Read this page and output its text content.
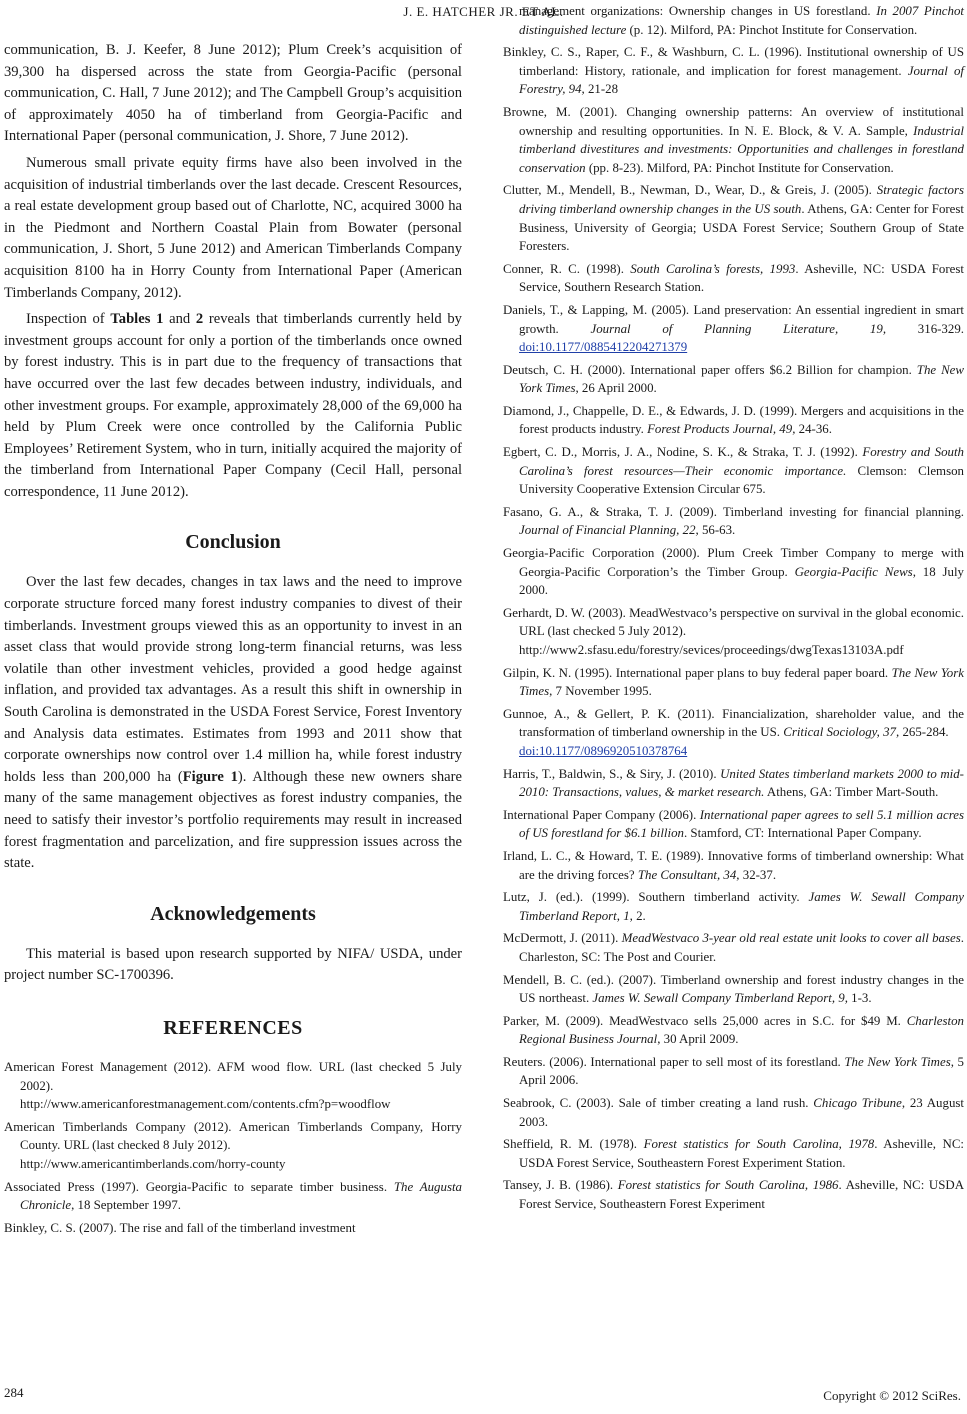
J. E. HATCHER JR. ET AL.

communication, B. J. Keefer, 8 June 2012); Plum Creek’s acquisition of 39,300 ha dispersed across the state from Georgia-Pacific (personal communication, C. Hall, 7 June 2012); and The Campbell Group’s acquisition of approximately 4050 ha of timberland from Georgia-Pacific and International Paper (personal communication, J. Shore, 7 June 2012).

Numerous small private equity firms have also been involved in the acquisition of industrial timberlands over the last decade. Crescent Resources, a real estate development group based out of Charlotte, NC, acquired 3000 ha in the Piedmont and Northern Coastal Plain from Bowater (personal communication, J. Short, 5 June 2012) and American Timberlands Company acquisition 8100 ha in Horry County from International Paper (American Timberlands Company, 2012).

Inspection of Tables 1 and 2 reveals that timberlands currently held by investment groups account for only a portion of the timberlands once owned by forest industry. This is in part due to the frequency of transactions that have occurred over the last few decades between industry, individuals, and other investment groups. For example, approximately 28,000 of the 69,000 ha held by Plum Creek were once controlled by the California Public Employees’ Retirement System, who in turn, initially acquired the majority of the timberland from International Paper Company (Cecil Hall, personal correspondence, 11 June 2012).

Conclusion

Over the last few decades, changes in tax laws and the need to improve corporate structure forced many forest industry companies to divest of their timberlands. Investment groups viewed this as an opportunity to invest in an asset class that would provide strong long-term financial returns, was less volatile than other investment vehicles, provided a good hedge against inflation, and provided tax advantages. As a result this shift in ownership in South Carolina is demonstrated in the USDA Forest Service, Forest Inventory and Analysis data estimates. Estimates from 1993 and 2011 show that corporate ownerships now control over 1.4 million ha, while forest industry holds less than 200,000 ha (Figure 1). Although these new owners share many of the same management objectives as forest industry companies, the need to satisfy their investor’s portfolio requirements may result in increased forest fragmentation and parcelization, and fire suppression issues across the state.

Acknowledgements

This material is based upon research supported by NIFA/ USDA, under project number SC-1700396.

REFERENCES

American Forest Management (2012). AFM wood flow. URL (last checked 5 July 2002).
http://www.americanforestmanagement.com/contents.cfm?p=woodflow

American Timberlands Company (2012). American Timberlands Company, Horry County. URL (last checked 8 July 2012).
http://www.americantimberlands.com/horry-county

Associated Press (1997). Georgia-Pacific to separate timber business. The Augusta Chronicle, 18 September 1997.

Binkley, C. S. (2007). The rise and fall of the timberland investment

management organizations: Ownership changes in US forestland. In 2007 Pinchot distinguished lecture (p. 12). Milford, PA: Pinchot Institute for Conservation.

Binkley, C. S., Raper, C. F., & Washburn, C. L. (1996). Institutional ownership of US timberland: History, rationale, and implication for forest management. Journal of Forestry, 94, 21-28

Browne, M. (2001). Changing ownership patterns: An overview of institutional ownership and resulting opportunities. In N. E. Block, & V. A. Sample, Industrial timberland divestitures and investments: Opportunities and challenges in forestland conservation (pp. 8-23). Milford, PA: Pinchot Institute for Conservation.

Clutter, M., Mendell, B., Newman, D., Wear, D., & Greis, J. (2005). Strategic factors driving timberland ownership changes in the US south. Athens, GA: Center for Forest Business, University of Georgia; USDA Forest Service; Southern Group of State Foresters.

Conner, R. C. (1998). South Carolina’s forests, 1993. Asheville, NC: USDA Forest Service, Southern Research Station.

Daniels, T., & Lapping, M. (2005). Land preservation: An essential ingredient in smart growth. Journal of Planning Literature, 19, 316-329. doi:10.1177/0885412204271379

Deutsch, C. H. (2000). International paper offers $6.2 Billion for champion. The New York Times, 26 April 2000.

Diamond, J., Chappelle, D. E., & Edwards, J. D. (1999). Mergers and acquisitions in the forest products industry. Forest Products Journal, 49, 24-36.

Egbert, C. D., Morris, J. A., Nodine, S. K., & Straka, T. J. (1992). Forestry and South Carolina’s forest resources—Their economic importance. Clemson: Clemson University Cooperative Extension Circular 675.

Fasano, G. A., & Straka, T. J. (2009). Timberland investing for financial planning. Journal of Financial Planning, 22, 56-63.

Georgia-Pacific Corporation (2000). Plum Creek Timber Company to merge with Georgia-Pacific Corporation’s the Timber Group. Georgia-Pacific News, 18 July 2000.

Gerhardt, D. W. (2003). MeadWestvaco’s perspective on survival in the global economic. URL (last checked 5 July 2012).
http://www2.sfasu.edu/forestry/sevices/proceedings/dwgTexas13103A.pdf

Gilpin, K. N. (1995). International paper plans to buy federal paper board. The New York Times, 7 November 1995.

Gunnoe, A., & Gellert, P. K. (2011). Financialization, shareholder value, and the transformation of timberland ownership in the US. Critical Sociology, 37, 265-284.
doi:10.1177/0896920510378764

Harris, T., Baldwin, S., & Siry, J. (2010). United States timberland markets 2000 to mid-2010: Transactions, values, & market research. Athens, GA: Timber Mart-South.

International Paper Company (2006). International paper agrees to sell 5.1 million acres of US forestland for $6.1 billion. Stamford, CT: International Paper Company.

Irland, L. C., & Howard, T. E. (1989). Innovative forms of timberland ownership: What are the driving forces? The Consultant, 34, 32-37.

Lutz, J. (ed.). (1999). Southern timberland activity. James W. Sewall Company Timberland Report, 1, 2.

McDermott, J. (2011). MeadWestvaco 3-year old real estate unit looks to cover all bases. Charleston, SC: The Post and Courier.

Mendell, B. C. (ed.). (2007). Timberland ownership and forest industry changes in the US northeast. James W. Sewall Company Timberland Report, 9, 1-3.

Parker, M. (2009). MeadWestvaco sells 25,000 acres in S.C. for $49 M. Charleston Regional Business Journal, 30 April 2009.

Reuters. (2006). International paper to sell most of its forestland. The New York Times, 5 April 2006.

Seabrook, C. (2003). Sale of timber creating a land rush. Chicago Tribune, 23 August 2003.

Sheffield, R. M. (1978). Forest statistics for South Carolina, 1978. Asheville, NC: USDA Forest Service, Southeastern Forest Experiment Station.

Tansey, J. B. (1986). Forest statistics for South Carolina, 1986. Asheville, NC: USDA Forest Service, Southeastern Forest Experiment

284	Copyright © 2012 SciRes.
